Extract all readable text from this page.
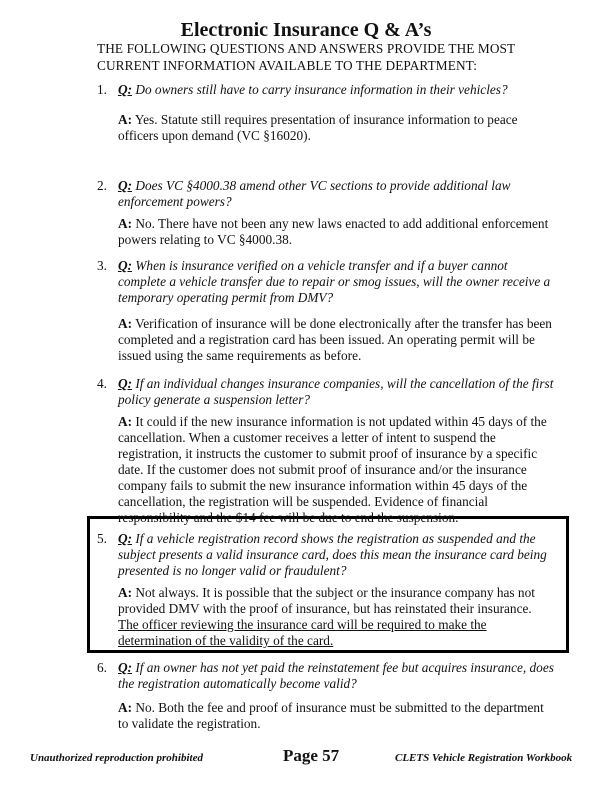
Electronic Insurance Q & A’s
THE FOLLOWING QUESTIONS AND ANSWERS PROVIDE THE MOST
CURRENT INFORMATION AVAILABLE TO THE DEPARTMENT:
1. Q: Do owners still have to carry insurance information in their vehicles?
A: Yes. Statute still requires presentation of insurance information to peace
officers upon demand (VC §16020).
2. Q: Does VC §4000.38 amend other VC sections to provide additional law
enforcement powers?
A: No. There have not been any new laws enacted to add additional enforcement
powers relating to VC §4000.38.
3. Q: When is insurance verified on a vehicle transfer and if a buyer cannot
complete a vehicle transfer due to repair or smog issues, will the owner receive a
temporary operating permit from DMV?
A: Verification of insurance will be done electronically after the transfer has been
completed and a registration card has been issued. An operating permit will be
issued using the same requirements as before.
4. Q: If an individual changes insurance companies, will the cancellation of the first
policy generate a suspension letter?
A: It could if the new insurance information is not updated within 45 days of the
cancellation. When a customer receives a letter of intent to suspend the
registration, it instructs the customer to submit proof of insurance by a specific
date. If the customer does not submit proof of insurance and/or the insurance
company fails to submit the new insurance information within 45 days of the
cancellation, the registration will be suspended. Evidence of financial
responsibility and the $14 fee will be due to end the suspension.
5. Q: If a vehicle registration record shows the registration as suspended and the
subject presents a valid insurance card, does this mean the insurance card being
presented is no longer valid or fraudulent?
A: Not always. It is possible that the subject or the insurance company has not
provided DMV with the proof of insurance, but has reinstated their insurance.
The officer reviewing the insurance card will be required to make the
determination of the validity of the card.
6. Q: If an owner has not yet paid the reinstatement fee but acquires insurance, does
the registration automatically become valid?
A: No. Both the fee and proof of insurance must be submitted to the department
to validate the registration.
Unauthorized reproduction prohibited	Page 57	CLETS Vehicle Registration Workbook
